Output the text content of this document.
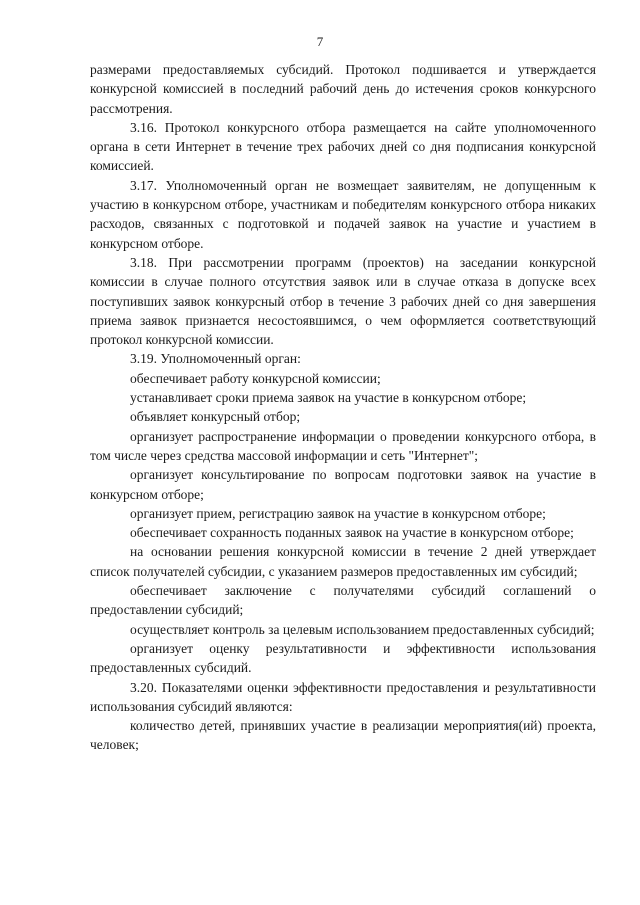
7

размерами предоставляемых субсидий. Протокол подшивается и утверждается конкурсной комиссией в последний рабочий день до истечения сроков конкурсного рассмотрения.

3.16. Протокол конкурсного отбора размещается на сайте уполномоченного органа в сети Интернет в течение трех рабочих дней со дня подписания конкурсной комиссией.

3.17. Уполномоченный орган не возмещает заявителям, не допущенным к участию в конкурсном отборе, участникам и победителям конкурсного отбора никаких расходов, связанных с подготовкой и подачей заявок на участие и участием в конкурсном отборе.

3.18. При рассмотрении программ (проектов) на заседании конкурсной комиссии в случае полного отсутствия заявок или в случае отказа в допуске всех поступивших заявок конкурсный отбор в течение 3 рабочих дней со дня завершения приема заявок признается несостоявшимся, о чем оформляется соответствующий протокол конкурсной комиссии.

3.19. Уполномоченный орган:

обеспечивает работу конкурсной комиссии;

устанавливает сроки приема заявок на участие в конкурсном отборе;

объявляет конкурсный отбор;

организует распространение информации о проведении конкурсного отбора, в том числе через средства массовой информации и сеть "Интернет";

организует консультирование по вопросам подготовки заявок на участие в конкурсном отборе;

организует прием, регистрацию заявок на участие в конкурсном отборе;

обеспечивает сохранность поданных заявок на участие в конкурсном отборе;

на основании решения конкурсной комиссии в течение 2 дней утверждает список получателей субсидии, с указанием размеров предоставленных им субсидий;

обеспечивает заключение с получателями субсидий соглашений о предоставлении субсидий;

осуществляет контроль за целевым использованием предоставленных субсидий;

организует оценку результативности и эффективности использования предоставленных субсидий.

3.20. Показателями оценки эффективности предоставления и результативности использования субсидий являются:

количество детей, принявших участие в реализации мероприятия(ий) проекта, человек;
